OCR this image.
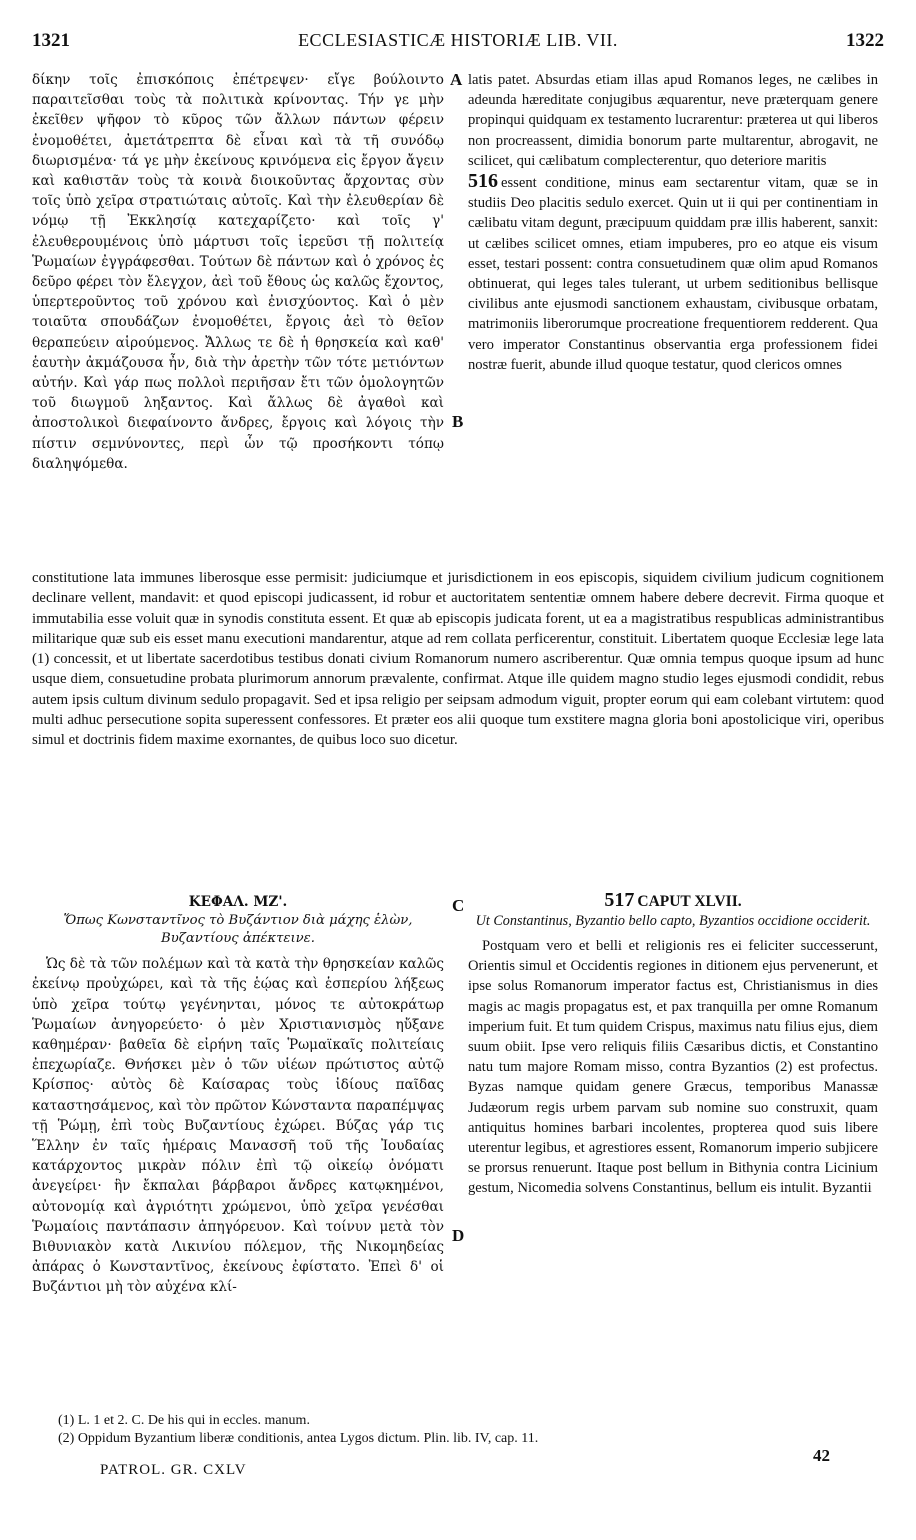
1321	ECCLESIASTICÆ HISTORIÆ LIB. VII.	1322

δίκην τοῖς ἐπισκόποις ἐπέτρεψεν· εἴγε βούλοιντο παραιτεῖσθαι τοὺς τὰ πολιτικὰ κρίνοντας. Τήν γε μὴν ἐκεῖθεν ψῆφον τὸ κῦρος τῶν ἄλλων πάντων φέρειν ἐνομοθέτει, ἀμετάτρεπτα δὲ εἶναι καὶ τὰ τῆ συνόδῳ διωρισμένα· τά γε μὴν ἐκείνους κρινόμενα εἰς ἔργον ἄγειν καὶ καθιστᾶν τοὺς τὰ κοινὰ διοικοῦντας ἄρχοντας σὺν τοῖς ὑπὸ χεῖρα στρατιώταις αὐτοῖς. Καὶ τὴν ἐλευθερίαν δὲ νόμῳ τῇ Ἐκκλησίᾳ κατεχαρίζετο· καὶ τοῖς γ' ἐλευθερουμένοις ὑπὸ μάρτυσι τοῖς ἱερεῦσι τῇ πολιτείᾳ Ῥωμαίων ἐγγράφεσθαι. Τούτων δὲ πάντων καὶ ὁ χρόνος ἐς δεῦρο φέρει τὸν ἔλεγχον, ἀεὶ τοῦ ἔθους ὡς καλῶς ἔχοντος, ὑπερτεροῦντος τοῦ χρόνου καὶ ἐνισχύοντος. Καὶ ὁ μὲν τοιαῦτα σπουδάζων ἐνομοθέτει, ἔργοις ἀεὶ τὸ θεῖον θεραπεύειν αἱρούμενος. Ἄλλως τε δὲ ἡ θρησκεία καὶ καθ' ἑαυτὴν ἀκμάζουσα ἦν, διὰ τὴν ἀρετὴν τῶν τότε μετιόντων αὐτήν. Καὶ γάρ πως πολλοὶ περιῆσαν ἔτι τῶν ὁμολογητῶν τοῦ διωγμοῦ ληξαντος. Καὶ ἄλλως δὲ ἀγαθοὶ καὶ ἀποστολικοὶ διεφαίνοντο ἄνδρες, ἔργοις καὶ λόγοις τὴν πίστιν σεμνύνοντες, περὶ ὧν τῷ προσήκοντι τόπῳ διαληψόμεθα.

A
B

latis patet. Absurdas etiam illas apud Romanos leges, ne cælibes in adeunda hæreditate conjugibus æquarentur, neve præterquam genere propinqui quidquam ex testamento lucrarentur: præterea ut qui liberos non procreassent, dimidia bonorum parte multarentur, abrogavit, ne scilicet, qui cælibatum complecterentur, quo deteriore maritis

516 essent conditione, minus eam sectarentur vitam, quæ se in studiis Deo placitis sedulo exercet. Quin ut ii qui per continentiam in cælibatu vitam degunt, præcipuum quiddam præ illis haberent, sanxit: ut cælibes scilicet omnes, etiam impuberes, pro eo atque eis visum esset, testari possent: contra consuetudinem quæ olim apud Romanos obtinuerat, qui leges tales tulerant, ut urbem seditionibus bellisque civilibus ante ejusmodi sanctionem exhaustam, civibusque orbatam, matrimoniis liberorumque procreatione frequentiorem redderent. Qua vero imperator Constantinus observantia erga professionem fidei nostræ fuerit, abunde illud quoque testatur, quod clericos omnes

constitutione lata immunes liberosque esse permisit: judiciumque et jurisdictionem in eos episcopis, siquidem civilium judicum cognitionem declinare vellent, mandavit: et quod episcopi judicassent, id robur et auctoritatem sententiæ omnem habere debere decrevit. Firma quoque et immutabilia esse voluit quæ in synodis constituta essent. Et quæ ab episcopis judicata forent, ut ea a magistratibus respublicas administrantibus militarique quæ sub eis esset manu executioni mandarentur, atque ad rem collata perficerentur, constituit. Libertatem quoque Ecclesiæ lege lata (1) concessit, et ut libertate sacerdotibus testibus donati civium Romanorum numero ascriberentur. Quæ omnia tempus quoque ipsum ad hunc usque diem, consuetudine probata plurimorum annorum prævalente, confirmat. Atque ille quidem magno studio leges ejusmodi condidit, rebus autem ipsis cultum divinum sedulo propagavit. Sed et ipsa religio per seipsam admodum viguit, propter eorum qui eam colebant virtutem: quod multi adhuc persecutione sopita superessent confessores. Et præter eos alii quoque tum exstitere magna gloria boni apostolicique viri, operibus simul et doctrinis fidem maxime exornantes, de quibus loco suo dicetur.

C
ΚΕΦΑΛ. ΜΖ'.
Ὅπως Κωνσταντῖνος τὸ Βυζάντιον διὰ μάχης ἑλὼν, Βυζαντίους ἀπέκτεινε.

Ὡς δὲ τὰ τῶν πολέμων καὶ τὰ κατὰ τὴν θρησκείαν καλῶς ἐκείνῳ προὐχώρει, καὶ τὰ τῆς ἑῴας καὶ ἑσπερίου λήξεως ὑπὸ χεῖρα τούτῳ γεγένηνται, μόνος τε αὐτοκράτωρ Ῥωμαίων ἀνηγορεύετο· ὁ μὲν Χριστιανισμὸς ηὔξανε καθημέραν· βαθεῖα δὲ εἰρήνη ταῖς Ῥωμαϊκαῖς πολιτείαις ἐπεχωρίαζε. Θνήσκει μὲν ὁ τῶν υἱέων πρώτιστος αὐτῷ Κρίσπος· αὐτὸς δὲ Καίσαρας τοὺς ἰδίους παῖδας καταστησάμενος, καὶ τὸν πρῶτον Κώνσταντα παραπέμψας τῇ Ῥώμῃ, ἐπὶ τοὺς Βυζαντίους ἐχώρει. Βύζας γάρ τις Ἕλλην ἐν ταῖς ἡμέραις Μανασσῆ τοῦ τῆς Ἰουδαίας κατάρχοντος μικρὰν πόλιν ἐπὶ τῷ οἰκείῳ ὀνόματι ἀνεγείρει· ἣν ἔκπαλαι βάρβαροι ἄνδρες κατῳκημένοι, αὐτονομίᾳ καὶ ἀγριότητι χρώμενοι, ὑπὸ χεῖρα γενέσθαι Ῥωμαίοις παντάπασιν ἀπηγόρευον. Καὶ τοίνυν μετὰ τὸν Βιθυνιακὸν κατὰ Λικινίου πόλεμον, τῆς Νικομηδείας ἀπάρας ὁ Κωνσταντῖνος, ἐκείνους ἐφίστατο. Ἐπεὶ δ' οἱ Βυζάντιοι μὴ τὸν αὐχένα κλί-

D
517 CAPUT XLVII.
Ut Constantinus, Byzantio bello capto, Byzantios occidione occiderit.

Postquam vero et belli et religionis res ei feliciter successerunt, Orientis simul et Occidentis regiones in ditionem ejus pervenerunt, et ipse solus Romanorum imperator factus est, Christianismus in dies magis ac magis propagatus est, et pax tranquilla per omne Romanum imperium fuit. Et tum quidem Crispus, maximus natu filius ejus, diem suum obiit. Ipse vero reliquis filiis Cæsaribus dictis, et Constantino natu tum majore Romam misso, contra Byzantios (2) est profectus. Byzas namque quidam genere Græcus, temporibus Manassæ Judæorum regis urbem parvam sub nomine suo construxit, quam antiquitus homines barbari incolentes, propterea quod suis libere uterentur legibus, et agrestiores essent, Romanorum imperio subjicere se prorsus renuerunt. Itaque post bellum in Bithynia contra Licinium gestum, Nicomedia solvens Constantinus, bellum eis intulit. Byzantii

(1) L. 1 et 2. C. De his qui in eccles. manum.
(2) Oppidum Byzantium liberæ conditionis, antea Lygos dictum. Plin. lib. IV, cap. 11.
PATROL. GR. CXLV
42
